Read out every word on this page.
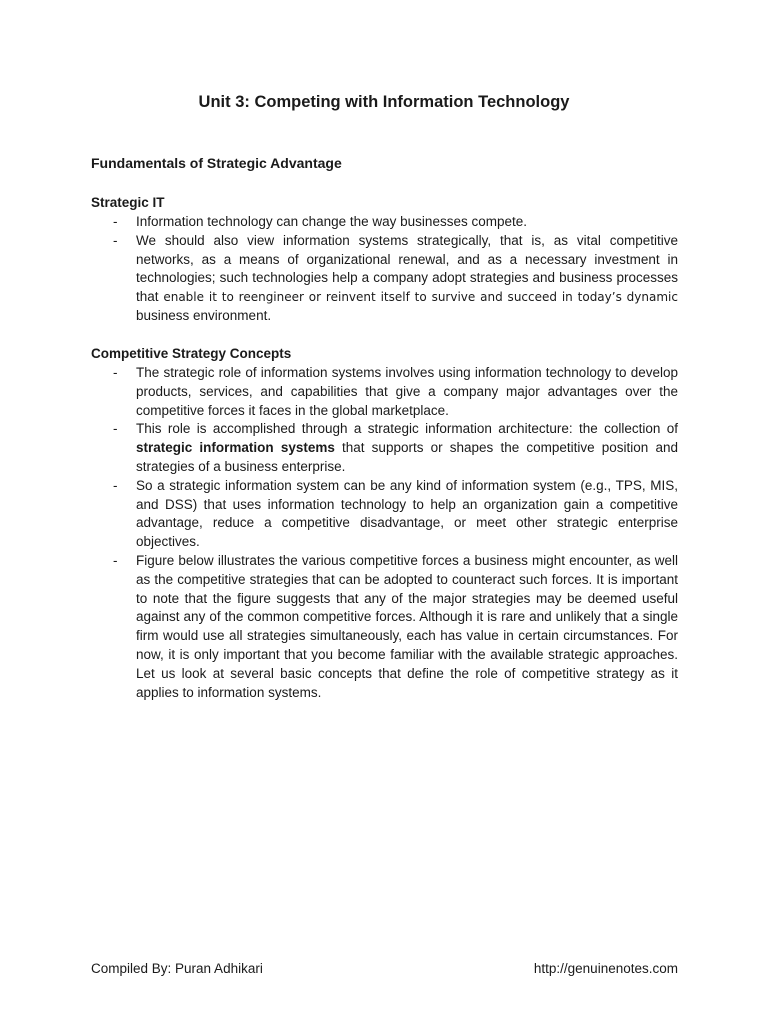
Unit 3: Competing with Information Technology
Fundamentals of Strategic Advantage
Strategic IT
- Information technology can change the way businesses compete.
- We should also view information systems strategically, that is, as vital competitive networks, as a means of organizational renewal, and as a necessary investment in technologies; such technologies help a company adopt strategies and business processes that enable it to reengineer or reinvent itself to survive and succeed in today’s dynamic business environment.
Competitive Strategy Concepts
- The strategic role of information systems involves using information technology to develop products, services, and capabilities that give a company major advantages over the competitive forces it faces in the global marketplace.
- This role is accomplished through a strategic information architecture: the collection of strategic information systems that supports or shapes the competitive position and strategies of a business enterprise.
- So a strategic information system can be any kind of information system (e.g., TPS, MIS, and DSS) that uses information technology to help an organization gain a competitive advantage, reduce a competitive disadvantage, or meet other strategic enterprise objectives.
- Figure below illustrates the various competitive forces a business might encounter, as well as the competitive strategies that can be adopted to counteract such forces. It is important to note that the figure suggests that any of the major strategies may be deemed useful against any of the common competitive forces. Although it is rare and unlikely that a single firm would use all strategies simultaneously, each has value in certain circumstances. For now, it is only important that you become familiar with the available strategic approaches. Let us look at several basic concepts that define the role of competitive strategy as it applies to information systems.

Compiled By: Puran Adhikari	http://genuinenotes.com
